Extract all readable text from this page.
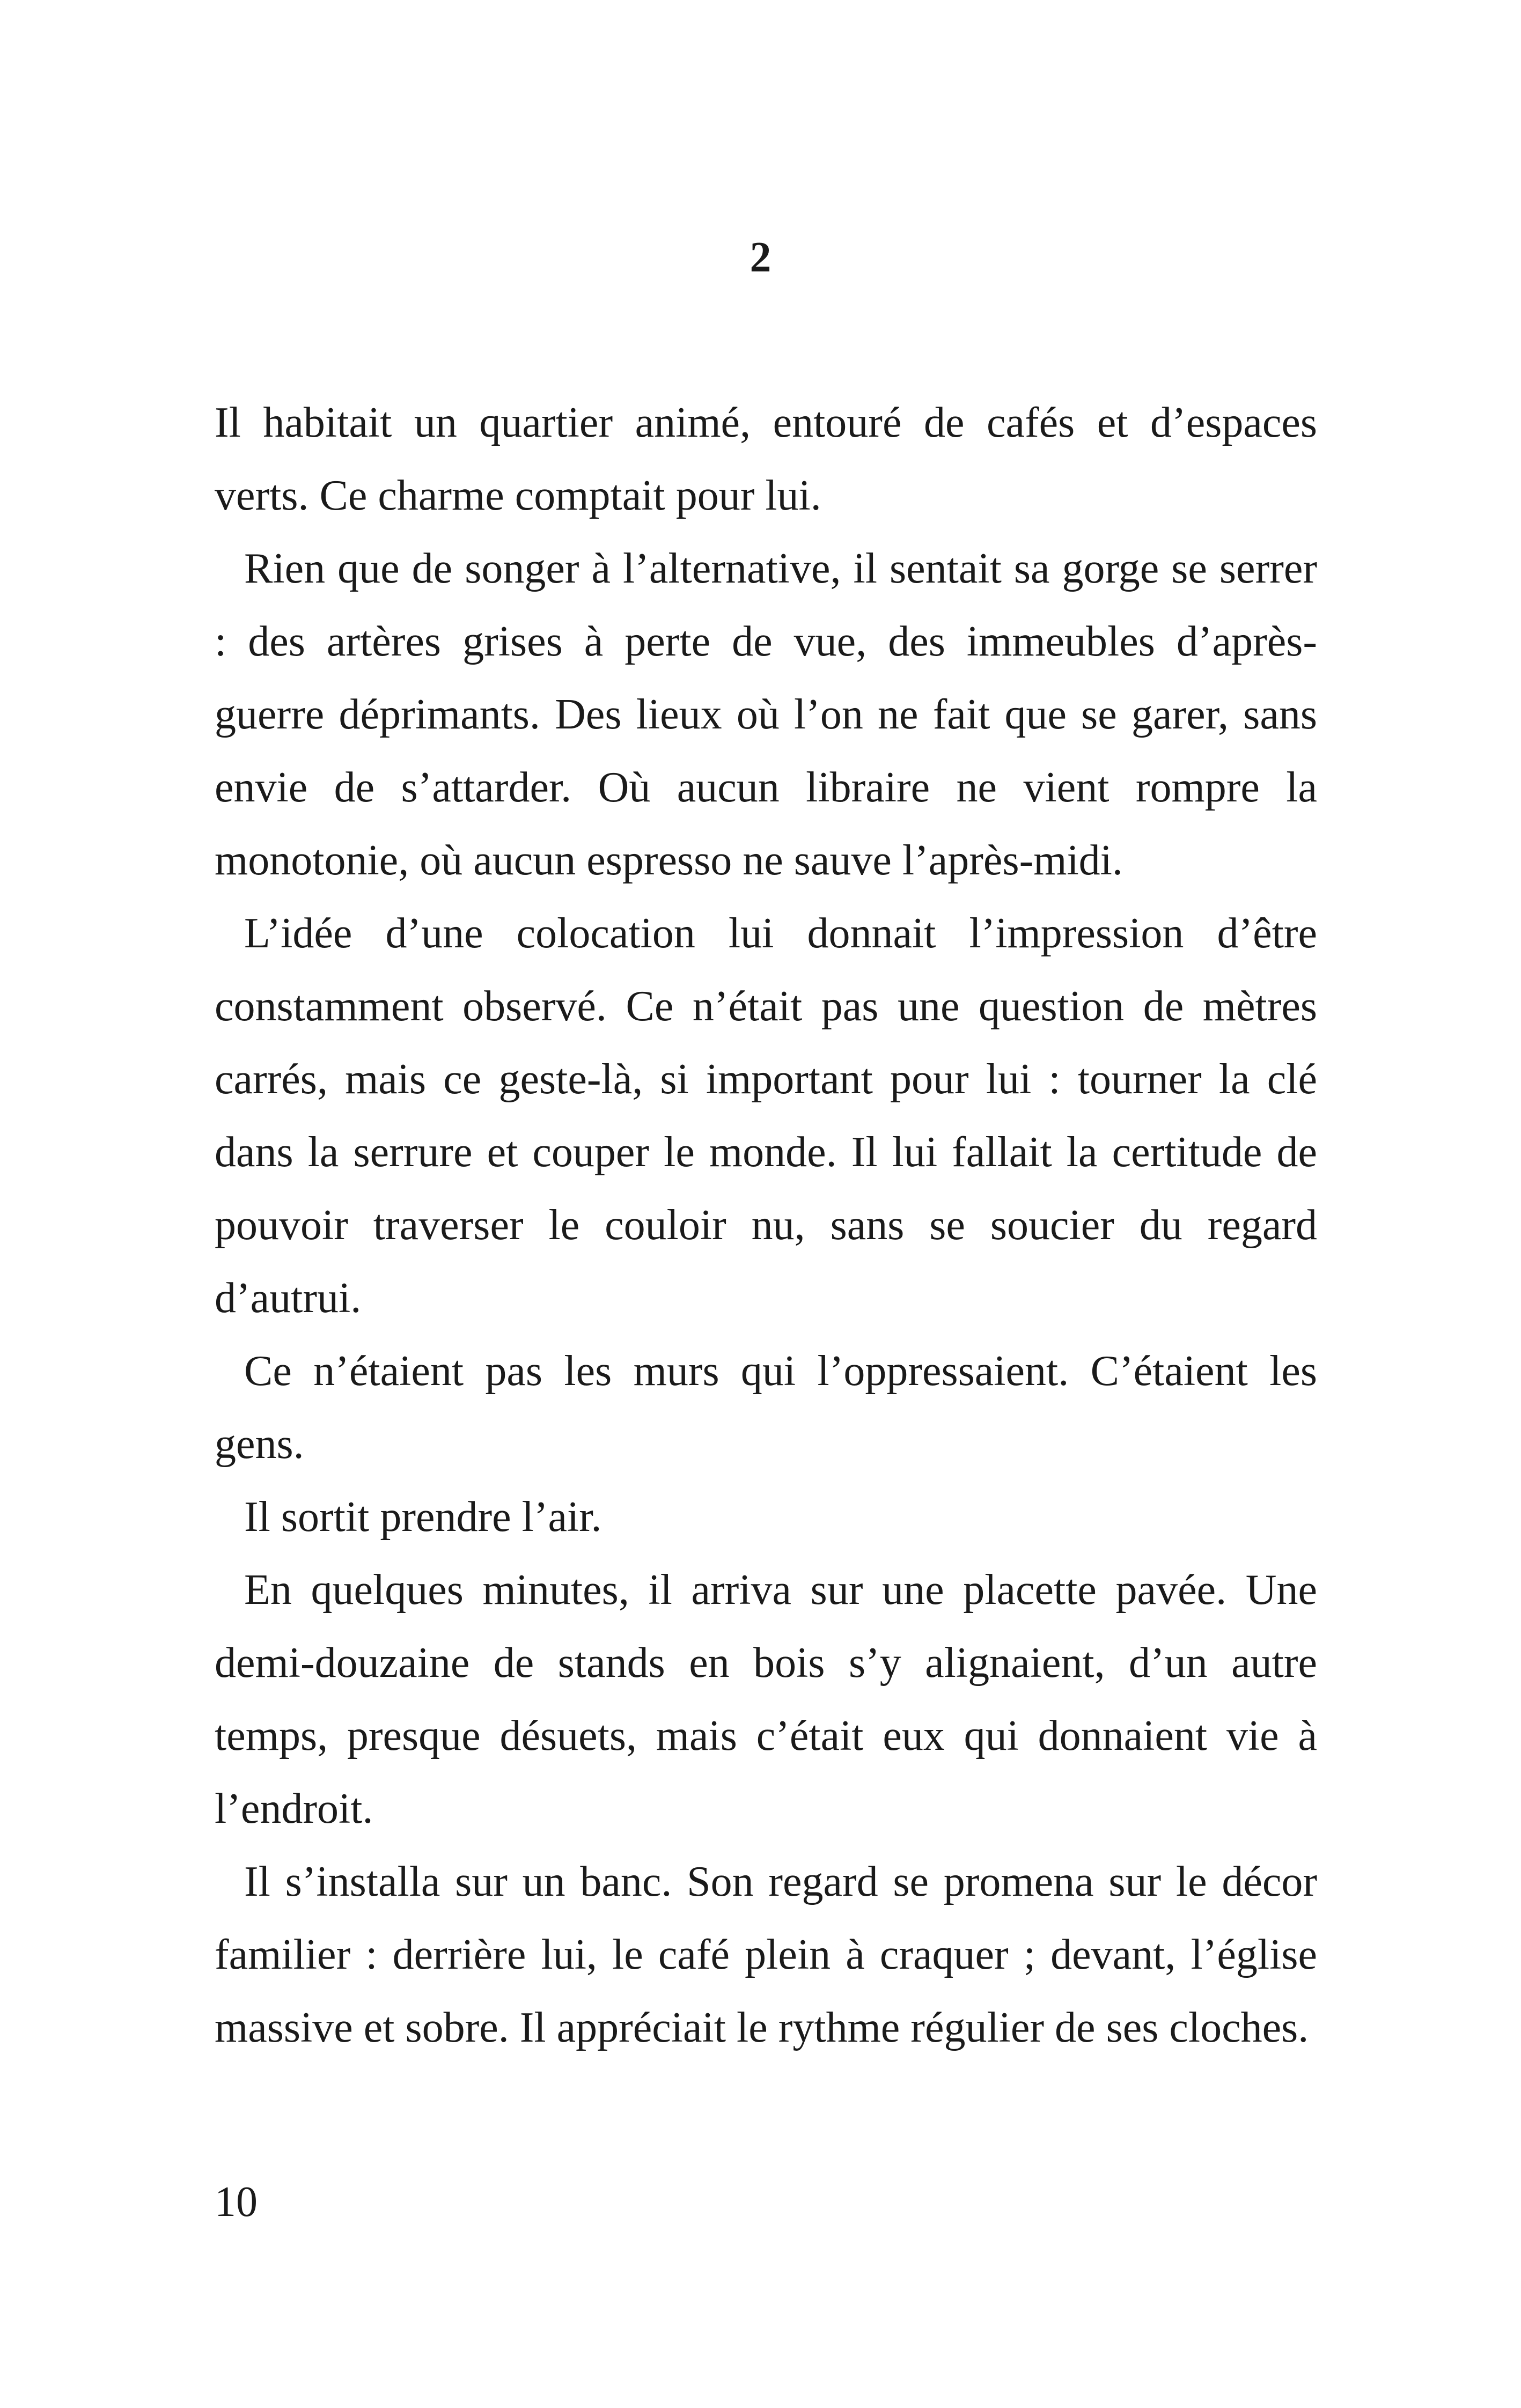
2

Il habitait un quartier animé, entouré de cafés et d’espaces verts. Ce charme comptait pour lui.

Rien que de songer à l’alternative, il sentait sa gorge se serrer : des artères grises à perte de vue, des immeubles d’après-guerre déprimants. Des lieux où l’on ne fait que se garer, sans envie de s’attarder. Où aucun libraire ne vient rompre la monotonie, où aucun espresso ne sauve l’après-midi.

L’idée d’une colocation lui donnait l’impression d’être constamment observé. Ce n’était pas une question de mètres carrés, mais ce geste-là, si important pour lui : tourner la clé dans la serrure et couper le monde. Il lui fallait la certitude de pouvoir traverser le couloir nu, sans se soucier du regard d’autrui.

Ce n’étaient pas les murs qui l’oppressaient. C’étaient les gens.

Il sortit prendre l’air.

En quelques minutes, il arriva sur une placette pavée. Une demi-douzaine de stands en bois s’y alignaient, d’un autre temps, presque désuets, mais c’était eux qui donnaient vie à l’endroit.

Il s’installa sur un banc. Son regard se promena sur le décor familier : derrière lui, le café plein à craquer ; devant, l’église massive et sobre. Il appréciait le rythme régulier de ses cloches.

10
